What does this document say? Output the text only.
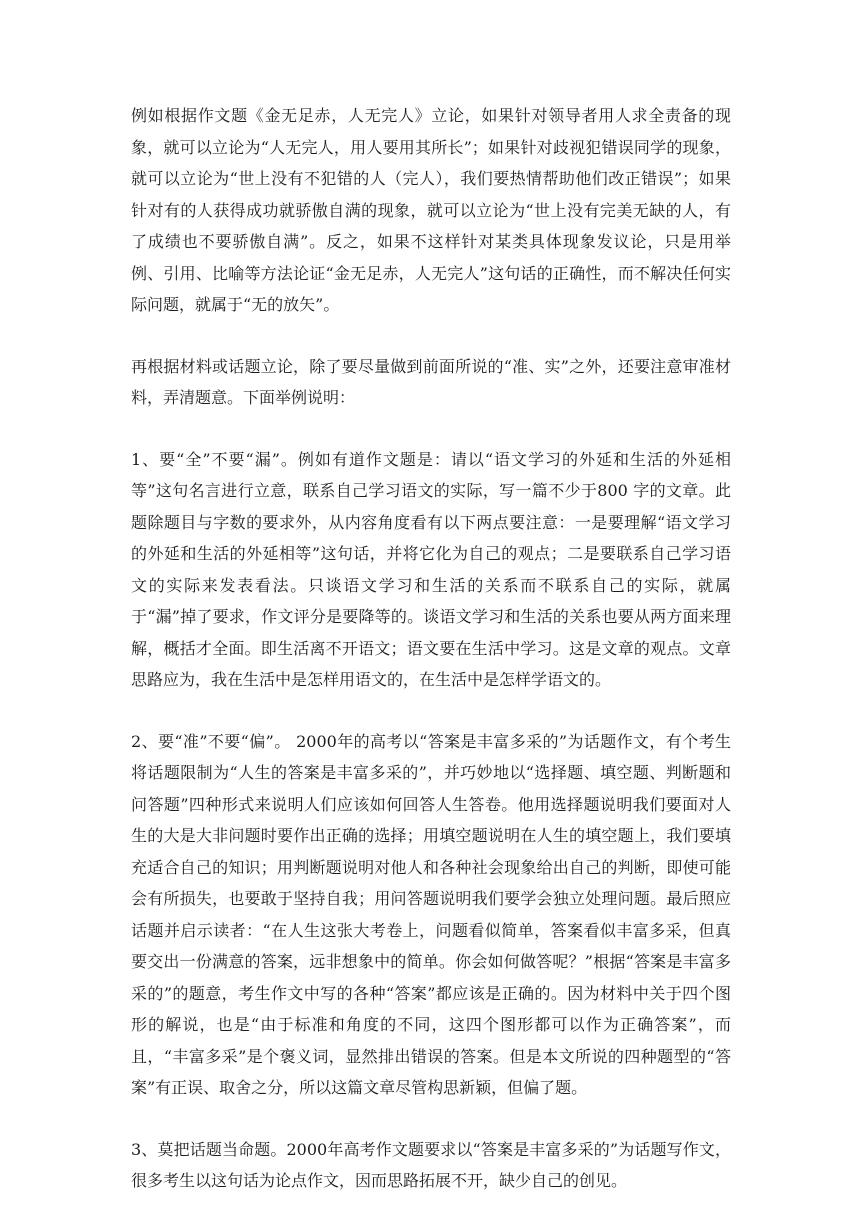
例如根据作文题《金无足赤，人无完人》立论，如果针对领导者用人求全责备的现象，就可以立论为“人无完人，用人要用其所长”；如果针对歧视犯错误同学的现象，就可以立论为“世上没有不犯错的人（完人），我们要热情帮助他们改正错误”；如果针对有的人获得成功就骄傲自满的现象，就可以立论为“世上没有完美无缺的人，有了成绩也不要骄傲自满”。反之，如果不这样针对某类具体现象发议论，只是用举例、引用、比喻等方法论证“金无足赤，人无完人”这句话的正确性，而不解决任何实际问题，就属于“无的放矢”。

再根据材料或话题立论，除了要尽量做到前面所说的“准、实”之外，还要注意审准材料，弄清题意。下面举例说明：

1、要“全”不要“漏”。例如有道作文题是：请以“语文学习的外延和生活的外延相等”这句名言进行立意，联系自己学习语文的实际，写一篇不少于800 字的文章。此题除题目与字数的要求外，从内容角度看有以下两点要注意：一是要理解“语文学习的外延和生活的外延相等”这句话，并将它化为自己的观点；二是要联系自己学习语文的实际来发表看法。只谈语文学习和生活的关系而不联系自己的实际，就属于“漏”掉了要求，作文评分是要降等的。谈语文学习和生活的关系也要从两方面来理解，概括才全面。即生活离不开语文；语文要在生活中学习。这是文章的观点。文章思路应为，我在生活中是怎样用语文的，在生活中是怎样学语文的。

2、要“准”不要“偏”。 2000年的高考以“答案是丰富多采的”为话题作文，有个考生将话题限制为“人生的答案是丰富多采的”，并巧妙地以“选择题、填空题、判断题和问答题”四种形式来说明人们应该如何回答人生答卷。他用选择题说明我们要面对人生的大是大非问题时要作出正确的选择；用填空题说明在人生的填空题上，我们要填充适合自己的知识；用判断题说明对他人和各种社会现象给出自己的判断，即使可能会有所损失，也要敢于坚持自我；用问答题说明我们要学会独立处理问题。最后照应话题并启示读者：“在人生这张大考卷上，问题看似简单，答案看似丰富多采，但真要交出一份满意的答案，远非想象中的简单。你会如何做答呢？”根据“答案是丰富多采的”的题意，考生作文中写的各种“答案”都应该是正确的。因为材料中关于四个图形的解说，也是“由于标准和角度的不同，这四个图形都可以作为正确答案”，而且，“丰富多采”是个褒义词，显然排出错误的答案。但是本文所说的四种题型的“答案”有正误、取舍之分，所以这篇文章尽管构思新颖，但偏了题。

3、莫把话题当命题。2000年高考作文题要求以“答案是丰富多采的”为话题写作文，很多考生以这句话为论点作文，因而思路拓展不开，缺少自己的创见。
